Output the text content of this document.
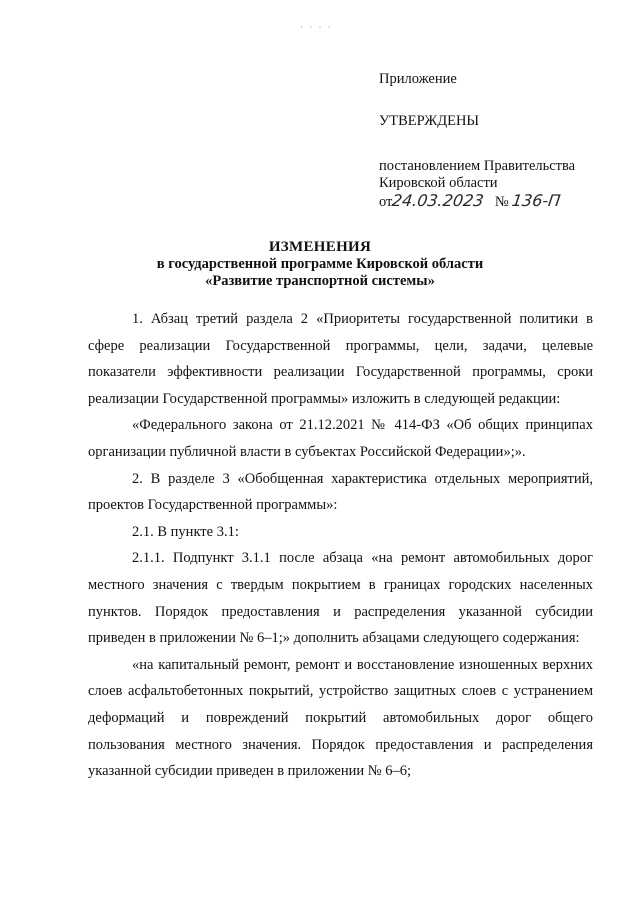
· · · ·
Приложение
УТВЕРЖДЕНЫ
постановлением Правительства
Кировской области
от24.03.2023 № 136-П
ИЗМЕНЕНИЯ
в государственной программе Кировской области
«Развитие транспортной системы»

1. Абзац третий раздела 2 «Приоритеты государственной политики в сфере реализации Государственной программы, цели, задачи, целевые показатели эффективности реализации Государственной программы, сроки реализации Государственной программы» изложить в следующей редакции:

«Федерального закона от 21.12.2021 № 414-ФЗ «Об общих принципах организации публичной власти в субъектах Российской Федерации»;».

2. В разделе 3 «Обобщенная характеристика отдельных мероприятий, проектов Государственной программы»:

2.1. В пункте 3.1:

2.1.1. Подпункт 3.1.1 после абзаца «на ремонт автомобильных дорог местного значения с твердым покрытием в границах городских населенных пунктов. Порядок предоставления и распределения указанной субсидии приведен в приложении № 6–1;» дополнить абзацами следующего содержания:

«на капитальный ремонт, ремонт и восстановление изношенных верхних слоев асфальтобетонных покрытий, устройство защитных слоев с устранением деформаций и повреждений покрытий автомобильных дорог общего пользования местного значения. Порядок предоставления и распределения указанной субсидии приведен в приложении № 6–6;
